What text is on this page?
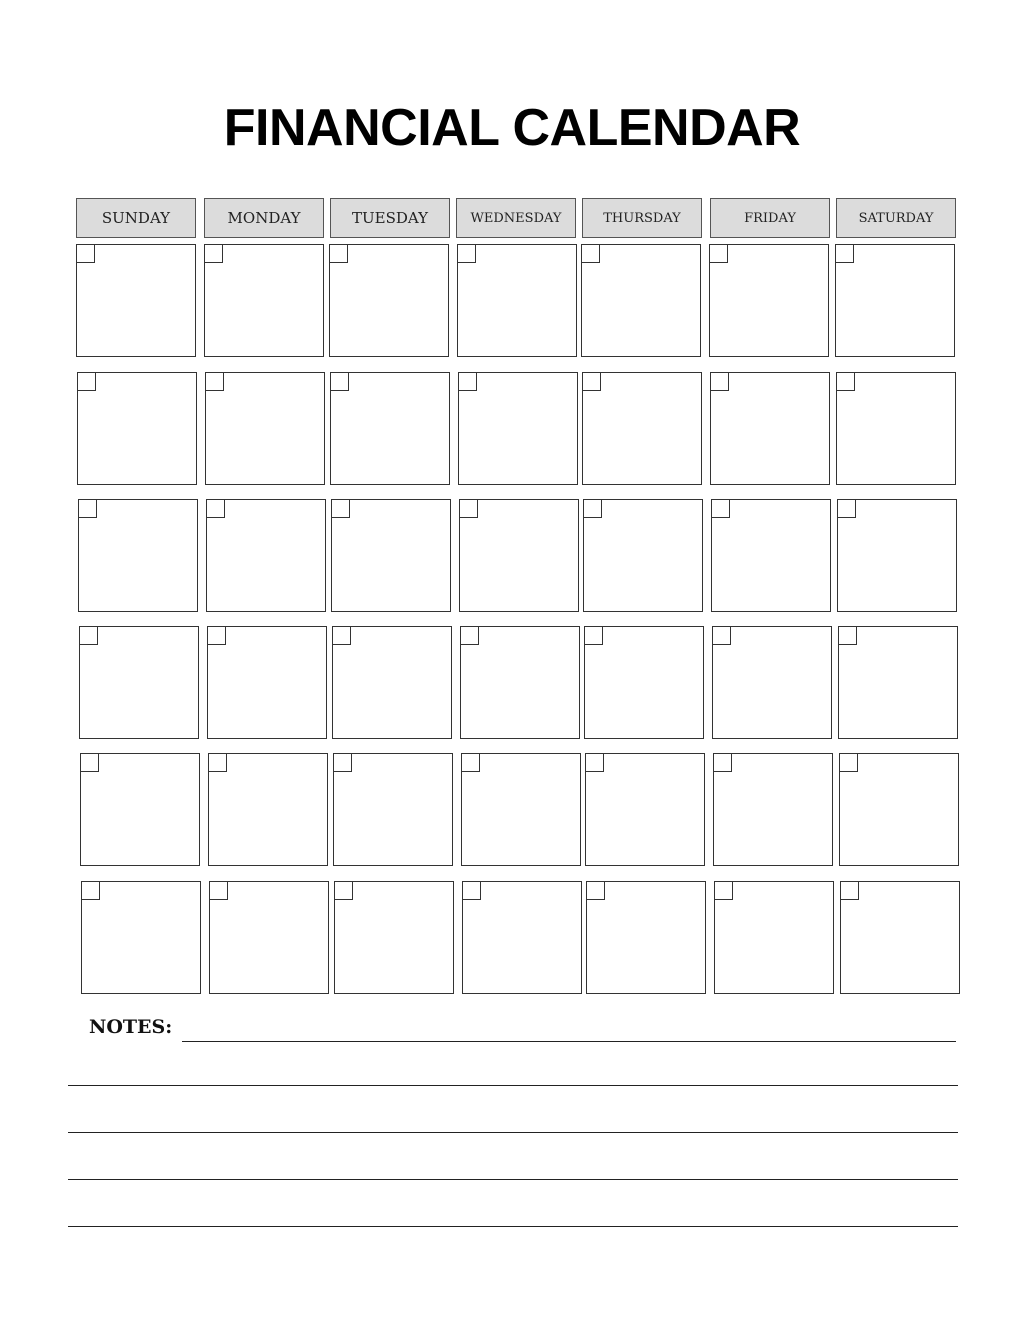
FINANCIAL CALENDAR
SUNDAY	MONDAY	TUESDAY	WEDNESDAY	THURSDAY	FRIDAY	SATURDAY
NOTES:
